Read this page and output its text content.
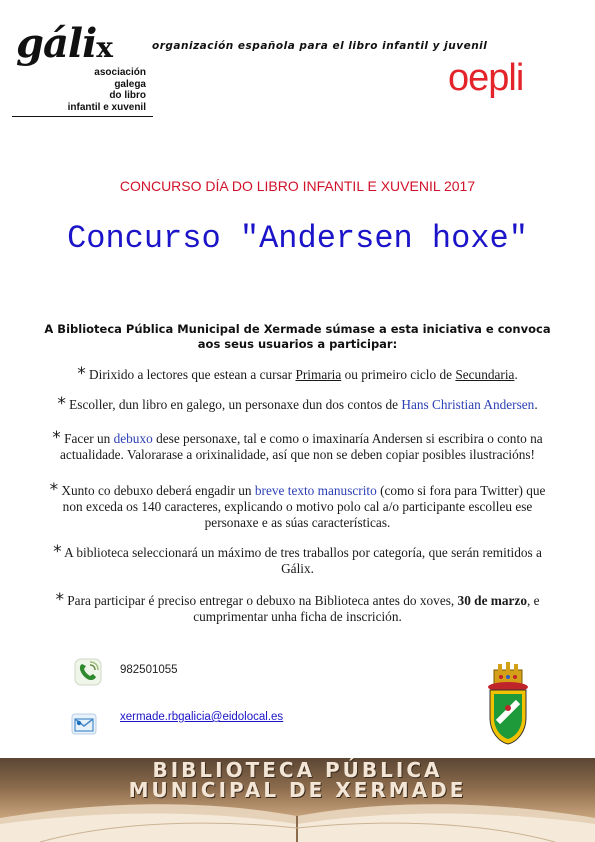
gálix	organización española para el libro infantil y juvenil
asociación
galega
do libro
infantil e xuvenil
oepli
CONCURSO DÍA DO LIBRO INFANTIL E XUVENIL 2017
Concurso "Andersen hoxe"
A Biblioteca Pública Municipal de Xermade súmase a esta iniciativa e convoca aos seus usuarios a participar:
* Dirixido a lectores que estean a cursar Primaria ou primeiro ciclo de Secundaria.
* Escoller, dun libro en galego, un personaxe dun dos contos de Hans Christian Andersen.
* Facer un debuxo dese personaxe, tal e como o imaxinaría Andersen si escribira o conto na actualidade. Valorarase a orixinalidade, así que non se deben copiar posibles ilustracións!
* Xunto co debuxo deberá engadir un breve texto manuscrito (como si fora para Twitter) que non exceda os 140 caracteres, explicando o motivo polo cal a/o participante escolleu ese personaxe e as súas características.
* A biblioteca seleccionará un máximo de tres traballos por categoría, que serán remitidos a Gálix.
* Para participar é preciso entregar o debuxo na Biblioteca antes do xoves, 30 de marzo, e cumprimentar unha ficha de inscrición.
982501055
xermade.rbgalicia@eidolocal.es
BIBLIOTECA PÚBLICA
MUNICIPAL DE XERMADE
